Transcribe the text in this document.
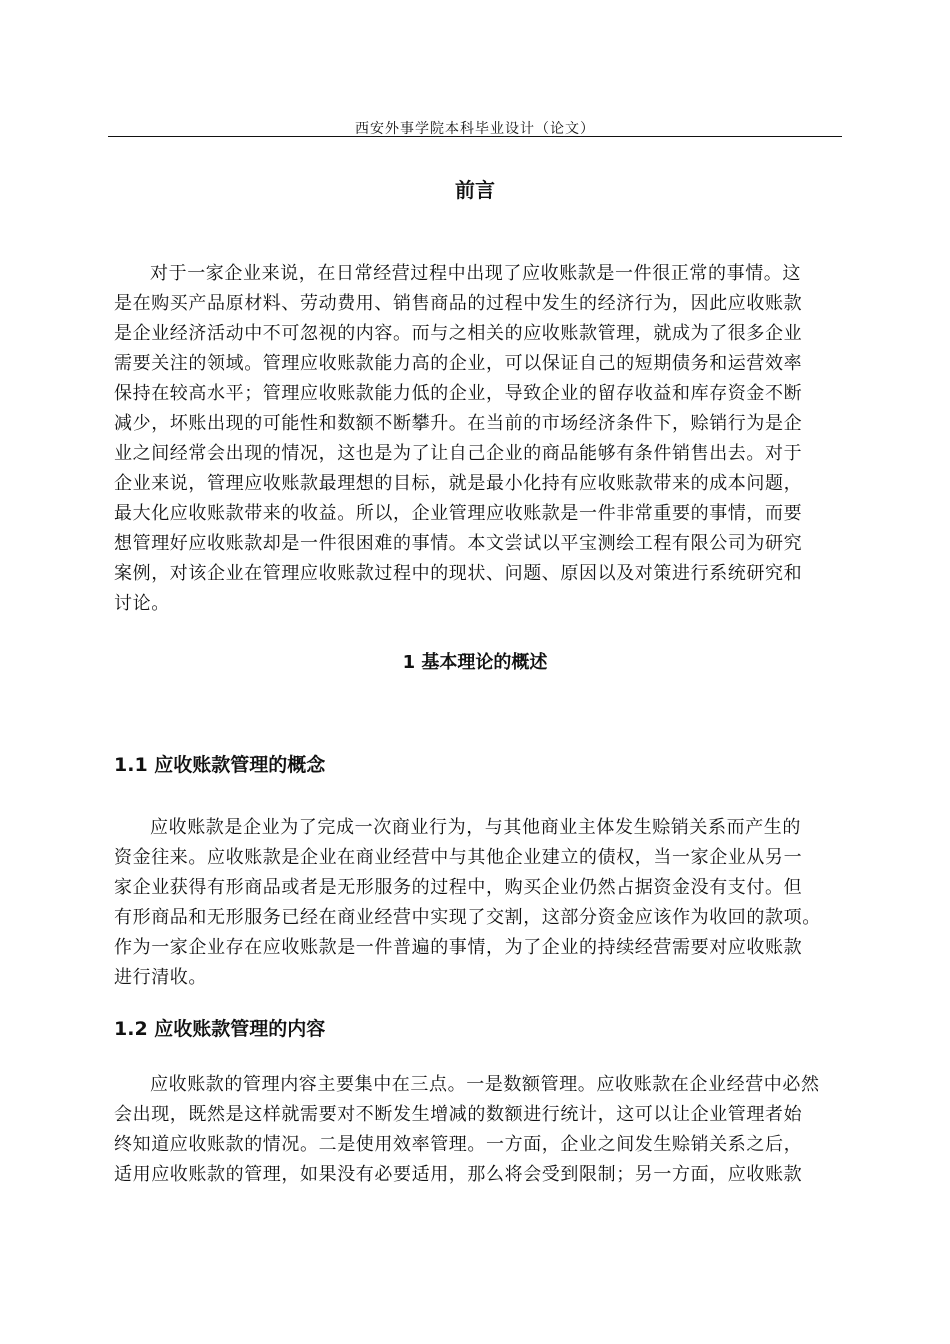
西安外事学院本科毕业设计（论文）
前言
对于一家企业来说，在日常经营过程中出现了应收账款是一件很正常的事情。这
是在购买产品原材料、劳动费用、销售商品的过程中发生的经济行为，因此应收账款
是企业经济活动中不可忽视的内容。而与之相关的应收账款管理，就成为了很多企业
需要关注的领域。管理应收账款能力高的企业，可以保证自己的短期债务和运营效率
保持在较高水平；管理应收账款能力低的企业，导致企业的留存收益和库存资金不断
减少，坏账出现的可能性和数额不断攀升。在当前的市场经济条件下，赊销行为是企
业之间经常会出现的情况，这也是为了让自己企业的商品能够有条件销售出去。对于
企业来说，管理应收账款最理想的目标，就是最小化持有应收账款带来的成本问题，
最大化应收账款带来的收益。所以，企业管理应收账款是一件非常重要的事情，而要
想管理好应收账款却是一件很困难的事情。本文尝试以平宝测绘工程有限公司为研究
案例，对该企业在管理应收账款过程中的现状、问题、原因以及对策进行系统研究和
讨论。
1 基本理论的概述
1.1 应收账款管理的概念
应收账款是企业为了完成一次商业行为，与其他商业主体发生赊销关系而产生的
资金往来。应收账款是企业在商业经营中与其他企业建立的债权，当一家企业从另一
家企业获得有形商品或者是无形服务的过程中，购买企业仍然占据资金没有支付。但
有形商品和无形服务已经在商业经营中实现了交割，这部分资金应该作为收回的款项。
作为一家企业存在应收账款是一件普遍的事情，为了企业的持续经营需要对应收账款
进行清收。
1.2 应收账款管理的内容
应收账款的管理内容主要集中在三点。一是数额管理。应收账款在企业经营中必然
会出现，既然是这样就需要对不断发生增减的数额进行统计，这可以让企业管理者始
终知道应收账款的情况。二是使用效率管理。一方面，企业之间发生赊销关系之后，
适用应收账款的管理，如果没有必要适用，那么将会受到限制；另一方面，应收账款
